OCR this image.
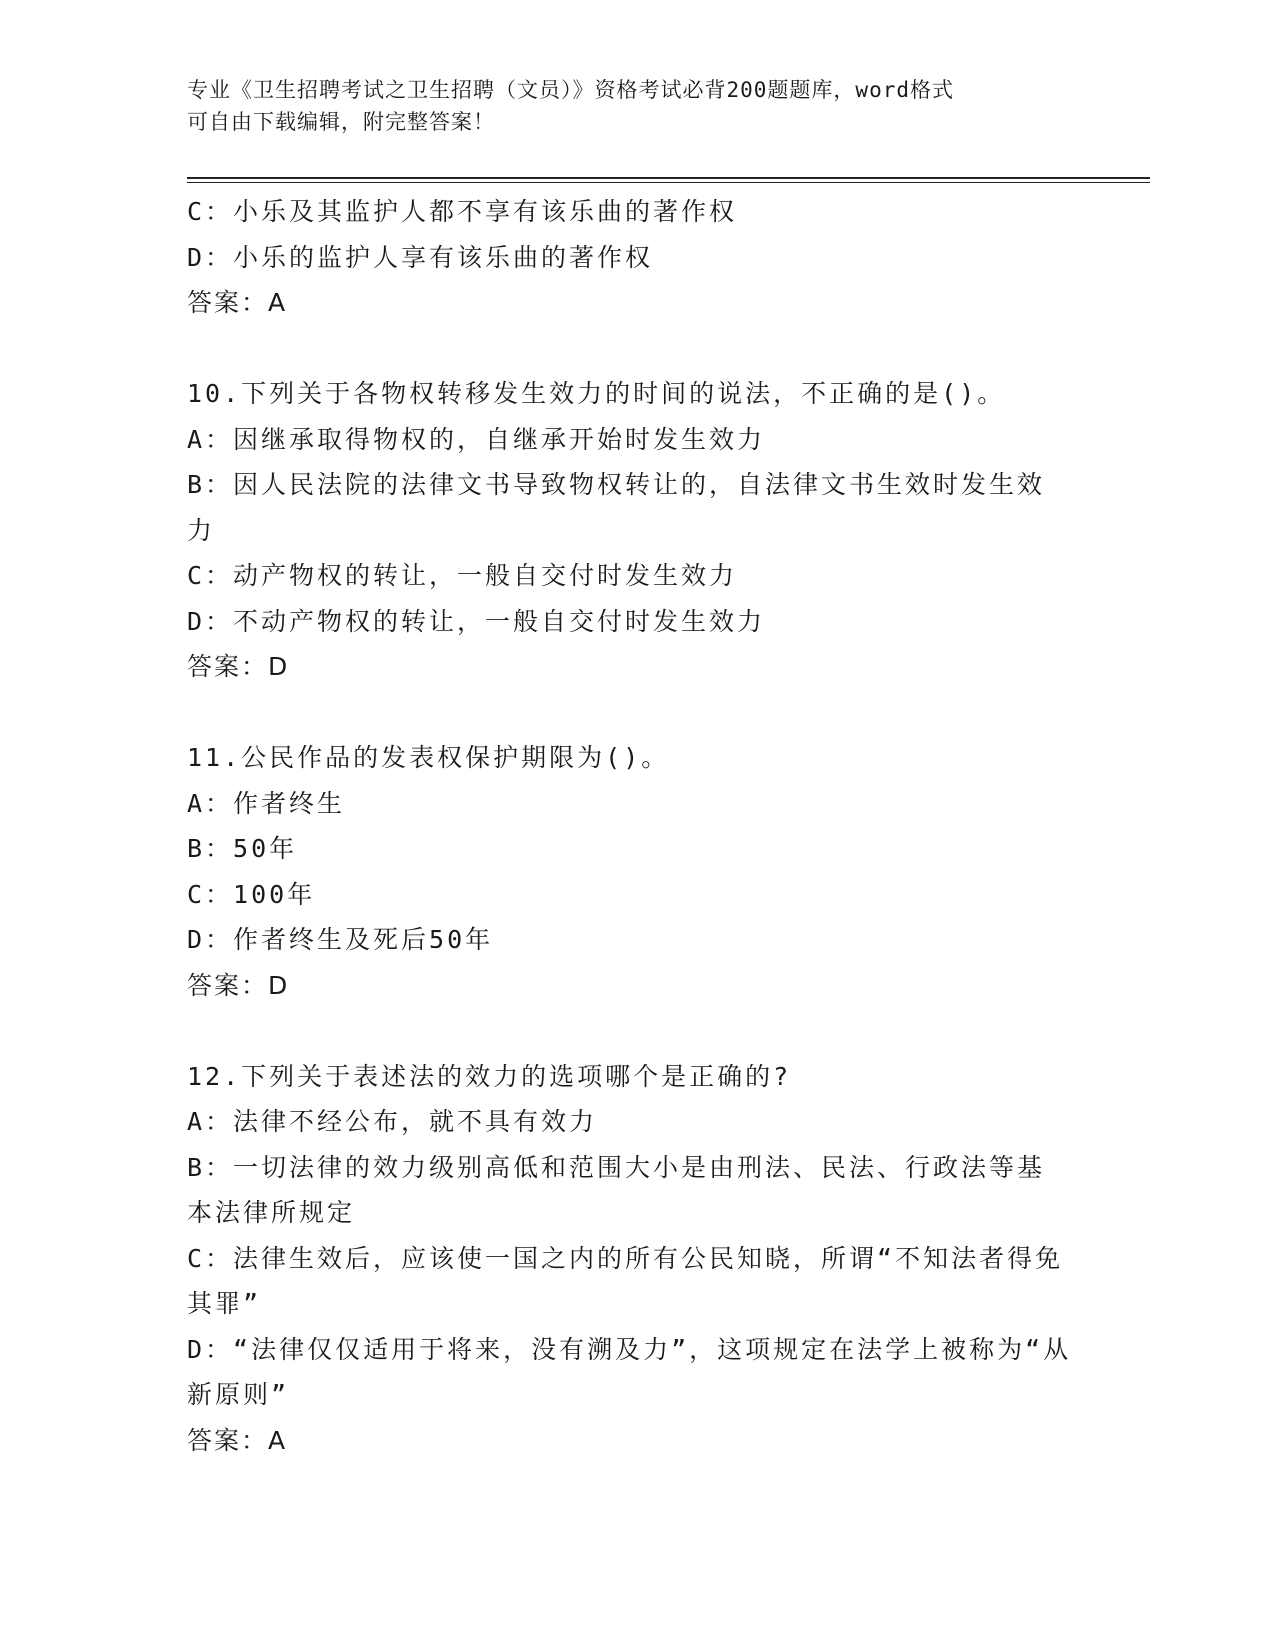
专业《卫生招聘考试之卫生招聘（文员）》资格考试必背200题题库，word格式
可自由下载编辑，附完整答案！
C：小乐及其监护人都不享有该乐曲的著作权
D：小乐的监护人享有该乐曲的著作权
答案：A
10.下列关于各物权转移发生效力的时间的说法，不正确的是()。
A：因继承取得物权的，自继承开始时发生效力
B：因人民法院的法律文书导致物权转让的，自法律文书生效时发生效力
C：动产物权的转让，一般自交付时发生效力
D：不动产物权的转让，一般自交付时发生效力
答案：D
11.公民作品的发表权保护期限为()。
A：作者终生
B：50年
C：100年
D：作者终生及死后50年
答案：D
12.下列关于表述法的效力的选项哪个是正确的?
A：法律不经公布，就不具有效力
B：一切法律的效力级别高低和范围大小是由刑法、民法、行政法等基本法律所规定
C：法律生效后，应该使一国之内的所有公民知晓，所谓“不知法者得免其罪”
D：“法律仅仅适用于将来，没有溯及力”，这项规定在法学上被称为“从新原则”
答案：A
